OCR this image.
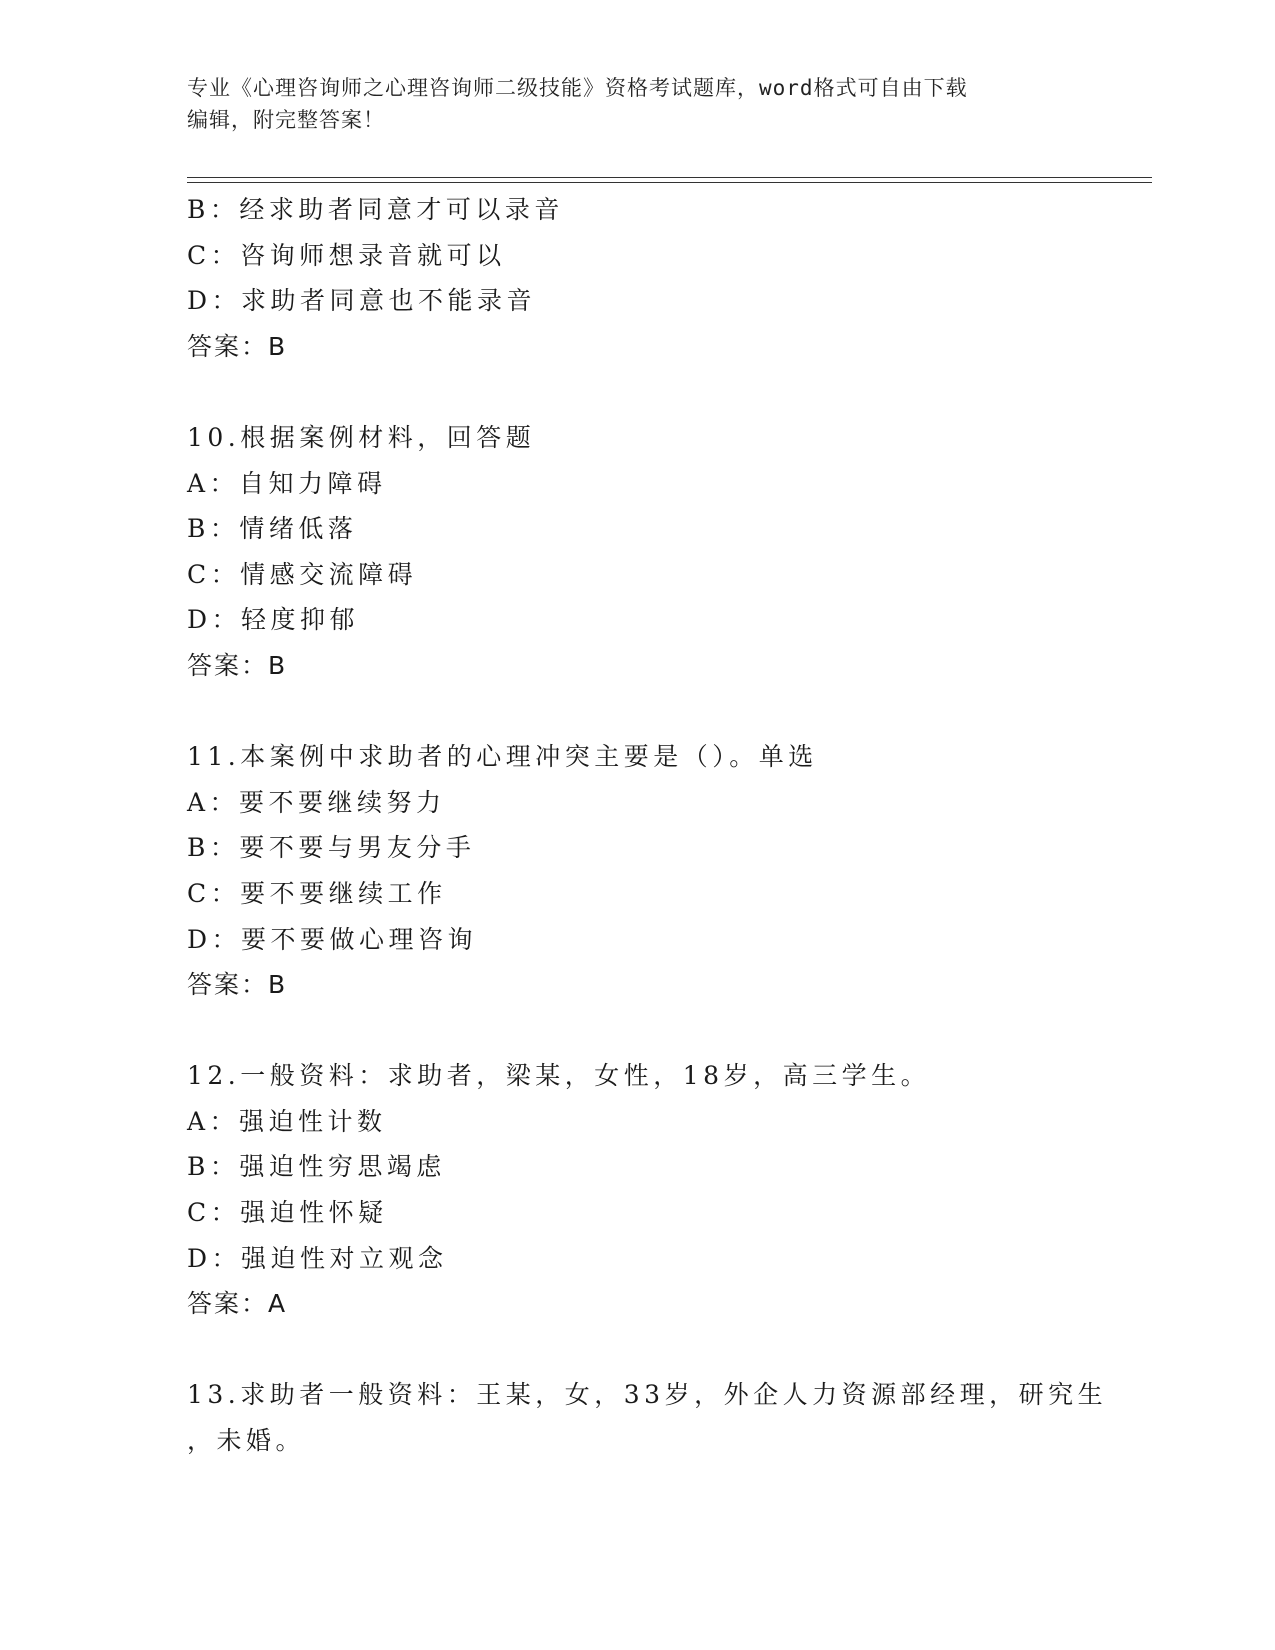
专业《心理咨询师之心理咨询师二级技能》资格考试题库，word格式可自由下载
编辑，附完整答案！
B：经求助者同意才可以录音
C：咨询师想录音就可以
D：求助者同意也不能录音
答案：B
10.根据案例材料，回答题
A：自知力障碍
B：情绪低落
C：情感交流障碍
D：轻度抑郁
答案：B
11.本案例中求助者的心理冲突主要是（）。单选
A：要不要继续努力
B：要不要与男友分手
C：要不要继续工作
D：要不要做心理咨询
答案：B
12.一般资料：求助者，梁某，女性，18岁，高三学生。
A：强迫性计数
B：强迫性穷思竭虑
C：强迫性怀疑
D：强迫性对立观念
答案：A
13.求助者一般资料：王某，女，33岁，外企人力资源部经理，研究生
，未婚。
